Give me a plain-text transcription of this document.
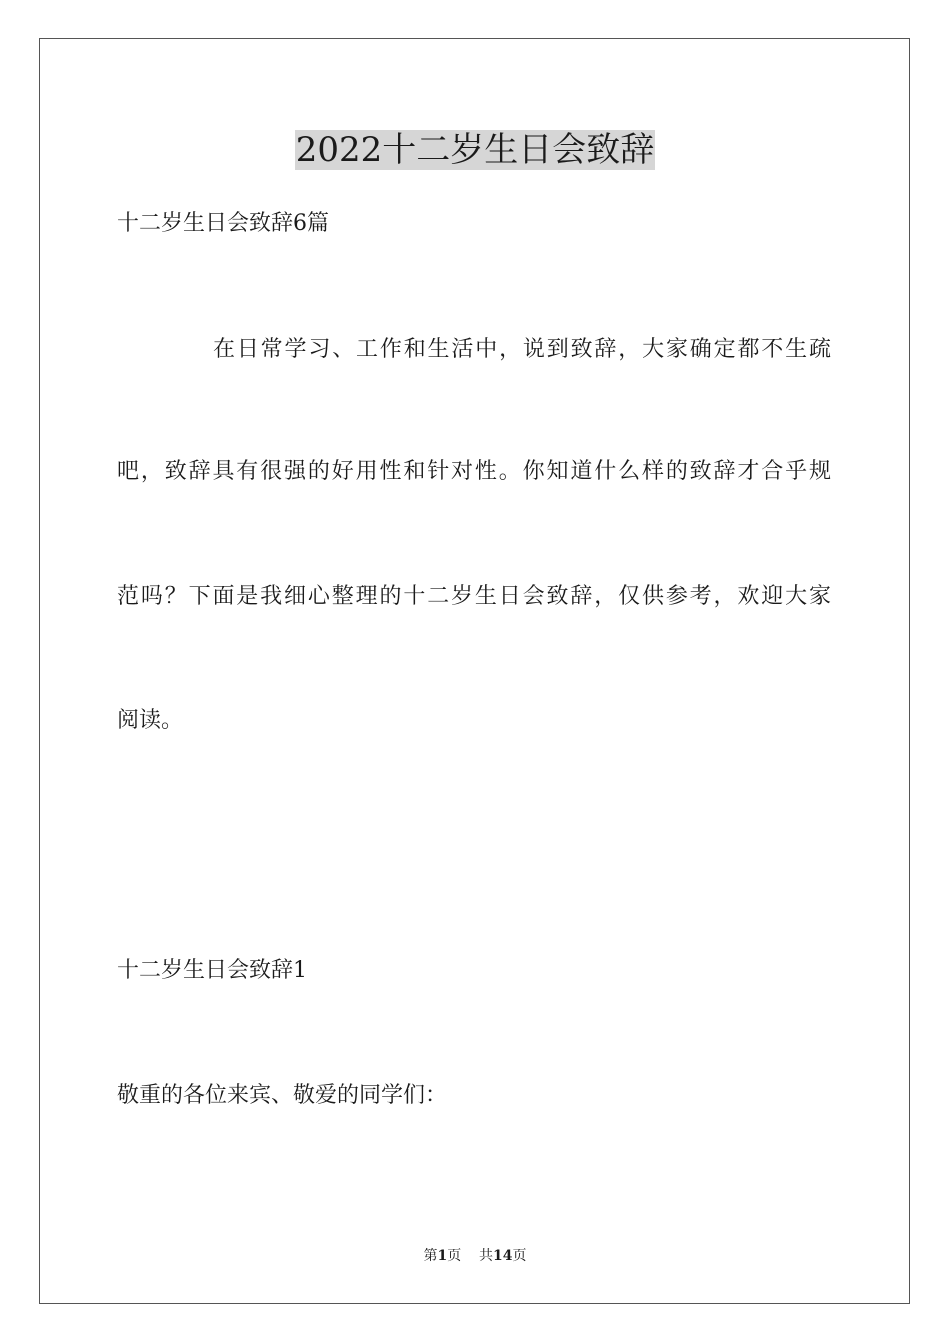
2022十二岁生日会致辞

十二岁生日会致辞6篇

在日常学习、工作和生活中，说到致辞，大家确定都不生疏

吧，致辞具有很强的好用性和针对性。你知道什么样的致辞才合乎规

范吗？下面是我细心整理的十二岁生日会致辞，仅供参考，欢迎大家

阅读。

十二岁生日会致辞1

敬重的各位来宾、敬爱的同学们：

第1页 共14页
